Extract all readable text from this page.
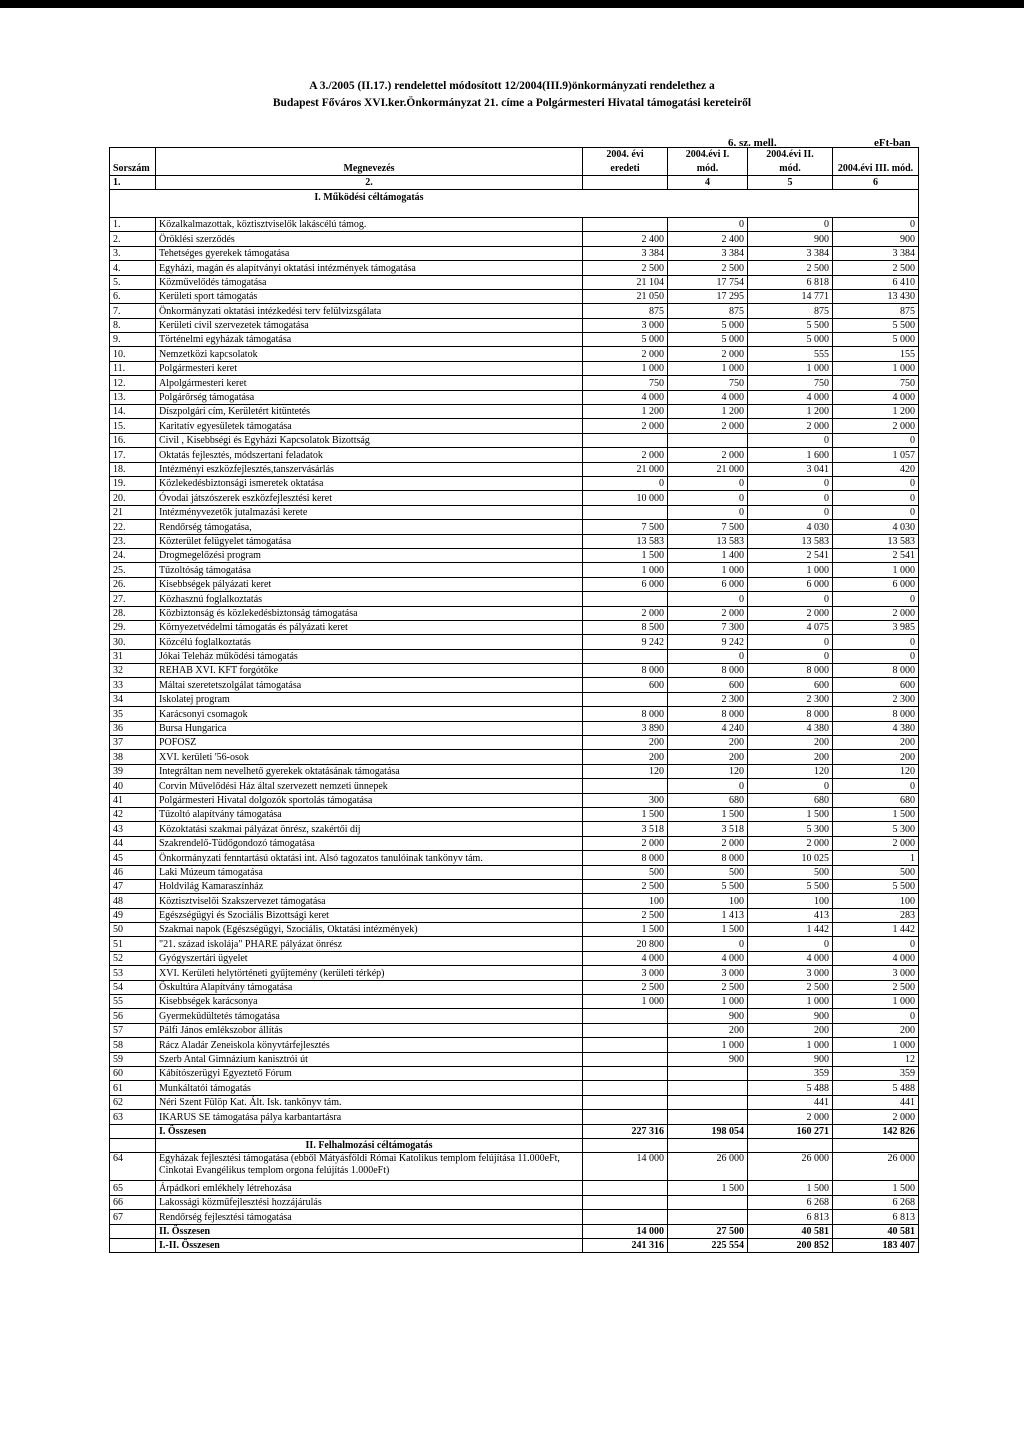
A 3./2005 (II.17.) rendelettel módosított 12/2004(III.9)önkormányzati rendelethez a
Budapest Főváros XVI.ker.Önkormányzat 21. címe a Polgármesteri Hivatal támogatási kereteiről
6. sz. mell.	eFt-ban
		2004. évi	2004.évi I.	2004.évi II.	
Sorszám	Megnevezés	eredeti	mód.	mód.	2004.évi III. mód.
1.	2.		4	5	6
	I. Működési céltámogatás				

1.	Közalkalmazottak, köztisztviselők lakáscélú támog.		0	0	0
2.	Öröklési szerződés	2 400	2 400	900	900
3.	Tehetséges gyerekek támogatása	3 384	3 384	3 384	3 384
4.	Egyházi, magán és alapítványi oktatási intézmények támogatása	2 500	2 500	2 500	2 500
5.	Közművelődés támogatása	21 104	17 754	6 818	6 410
6.	Kerületi sport támogatás	21 050	17 295	14 771	13 430
7.	Önkormányzati oktatási intézkedési terv felülvizsgálata	875	875	875	875
8.	Kerületi civil szervezetek támogatása	3 000	5 000	5 500	5 500
9.	Történelmi egyházak támogatása	5 000	5 000	5 000	5 000
10.	Nemzetközi kapcsolatok	2 000	2 000	555	155
11.	Polgármesteri keret	1 000	1 000	1 000	1 000
12.	Alpolgármesteri keret	750	750	750	750
13.	Polgárőrség támogatása	4 000	4 000	4 000	4 000
14.	Díszpolgári cím, Kerületért kitüntetés	1 200	1 200	1 200	1 200
15.	Karitatív egyesületek támogatása	2 000	2 000	2 000	2 000
16.	Civil , Kisebbségi és Egyházi Kapcsolatok Bizottság			0	0
17.	Oktatás fejlesztés, módszertani feladatok	2 000	2 000	1 600	1 057
18.	Intézményi eszközfejlesztés,tanszervásárlás	21 000	21 000	3 041	420
19.	Közlekedésbiztonsági ismeretek oktatása	0	0	0	0
20.	Óvodai játszószerek eszközfejlesztési keret	10 000	0	0	0
21	Intézményvezetők jutalmazási kerete		0	0	0
22.	Rendőrség támogatása,	7 500	7 500	4 030	4 030
23.	Közterület felügyelet támogatása	13 583	13 583	13 583	13 583
24.	Drogmegelőzési program	1 500	1 400	2 541	2 541
25.	Tűzoltóság támogatása	1 000	1 000	1 000	1 000
26.	Kisebbségek pályázati keret	6 000	6 000	6 000	6 000
27.	Közhasznú foglalkoztatás		0	0	0
28.	Közbiztonság és közlekedésbiztonság támogatása	2 000	2 000	2 000	2 000
29.	Környezetvédelmi támogatás és pályázati keret	8 500	7 300	4 075	3 985
30.	Közcélú foglalkoztatás	9 242	9 242	0	0
31	Jókai Teleház működési támogatás		0	0	0
32	REHAB XVI. KFT forgótőke	8 000	8 000	8 000	8 000
33	Máltai szeretetszolgálat támogatása	600	600	600	600
34	Iskolatej program		2 300	2 300	2 300
35	Karácsonyi csomagok	8 000	8 000	8 000	8 000
36	Bursa Hungarica	3 890	4 240	4 380	4 380
37	POFOSZ	200	200	200	200
38	XVI. kerületi '56-osok	200	200	200	200
39	Integráltan nem nevelhető gyerekek oktatásának támogatása	120	120	120	120
40	Corvin Művelődési Ház által szervezett nemzeti ünnepek		0	0	0
41	Polgármesteri Hivatal dolgozók sportolás támogatása	300	680	680	680
42	Tűzoltó alapítvány támogatása	1 500	1 500	1 500	1 500
43	Közoktatási szakmai pályázat önrész, szakértői díj	3 518	3 518	5 300	5 300
44	Szakrendelő-Tüdőgondozó támogatása	2 000	2 000	2 000	2 000
45	Önkormányzati fenntartású oktatási int. Alsó tagozatos tanulóinak tankönyv tám.	8 000	8 000	10 025	1
46	Laki Múzeum támogatása	500	500	500	500
47	Holdvilág Kamaraszínház	2 500	5 500	5 500	5 500
48	Köztisztviselői Szakszervezet támogatása	100	100	100	100
49	Egészségügyi és Szociális Bizottsági keret	2 500	1 413	413	283
50	Szakmai napok (Egészségügyi, Szociális, Oktatási intézmények)	1 500	1 500	1 442	1 442
51	"21. század iskolája" PHARE pályázat önrész	20 800	0	0	0
52	Gyógyszertári ügyelet	4 000	4 000	4 000	4 000
53	XVI. Kerületi helytörténeti gyűjtemény (kerületi térkép)	3 000	3 000	3 000	3 000
54	Őskultúra Alapítvány támogatása	2 500	2 500	2 500	2 500
55	Kisebbségek karácsonya	1 000	1 000	1 000	1 000
56	Gyermeküdültetés támogatása		900	900	0
57	Pálfi János emlékszobor állítás		200	200	200
58	Rácz Aladár Zeneiskola könyvtárfejlesztés		1 000	1 000	1 000
59	Szerb Antal Gimnázium kanisztrói út		900	900	12
60	Kábítószerügyi Egyeztető Fórum			359	359
61	Munkáltatói támogatás			5 488	5 488
62	Néri Szent Fülöp Kat. Ált. Isk. tankönyv tám.			441	441
63	IKARUS SE támogatása pálya karbantartásra			2 000	2 000
	I. Összesen	227 316	198 054	160 271	142 826
	II. Felhalmozási céltámogatás				
64	Egyházak fejlesztési támogatása (ebből Mátyásföldi Római Katolikus templom felújítása 11.000eFt, Cinkotai Evangélikus templom orgona felújítás 1.000eFt)	14 000	26 000	26 000	26 000
65	Árpádkori emlékhely létrehozása		1 500	1 500	1 500
66	Lakossági közműfejlesztési hozzájárulás			6 268	6 268
67	Rendőrség fejlesztési támogatása			6 813	6 813
	II. Összesen	14 000	27 500	40 581	40 581
	I.-II. Összesen	241 316	225 554	200 852	183 407
